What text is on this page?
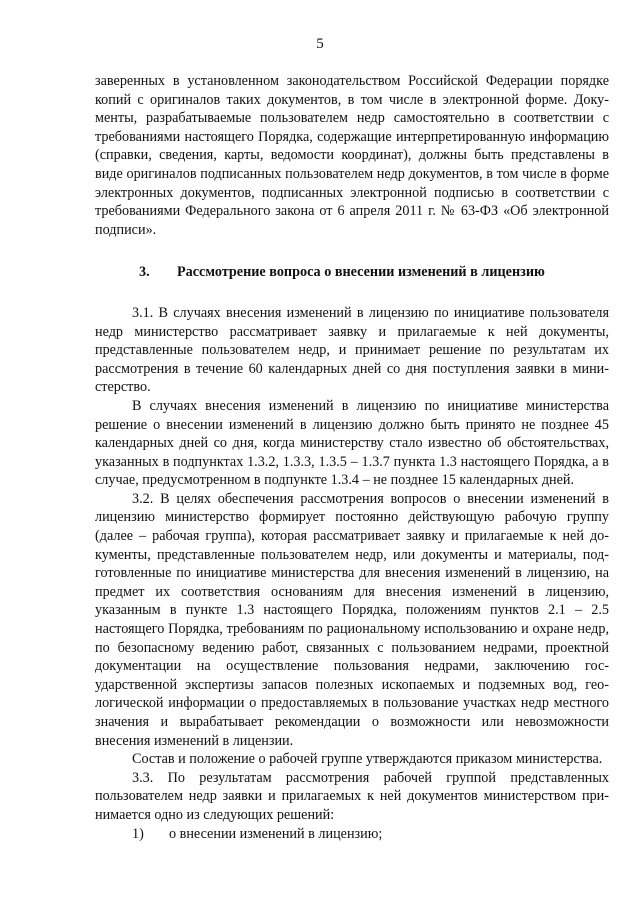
5

заверенных в установленном законодательством Российской Федерации порядке копий с оригиналов таких документов, в том числе в электронной форме. Документы, разрабатываемые пользователем недр самостоятельно в соответствии с требованиями настоящего Порядка, содержащие интерпретированную информацию (справки, сведения, карты, ведомости координат), должны быть представлены в виде оригиналов подписанных пользователем недр документов, в том числе в форме электронных документов, подписанных электронной подписью в соответствии с требованиями Федерального закона от 6 апреля 2011 г. № 63-ФЗ «Об электронной подписи».

3.	Рассмотрение вопроса о внесении изменений в лицензию

3.1. В случаях внесения изменений в лицензию по инициативе пользователя недр министерство рассматривает заявку и прилагаемые к ней документы, представленные пользователем недр, и принимает решение по результатам их рассмотрения в течение 60 календарных дней со дня поступления заявки в министерство.

В случаях внесения изменений в лицензию по инициативе министерства решение о внесении изменений в лицензию должно быть принято не позднее 45 календарных дней со дня, когда министерству стало известно об обстоятельствах, указанных в подпунктах 1.3.2, 1.3.3, 1.3.5 – 1.3.7 пункта 1.3 настоящего Порядка, а в случае, предусмотренном в подпункте 1.3.4 – не позднее 15 календарных дней.

3.2. В целях обеспечения рассмотрения вопросов о внесении изменений в лицензию министерство формирует постоянно действующую рабочую группу (далее – рабочая группа), которая рассматривает заявку и прилагаемые к ней документы, представленные пользователем недр, или документы и материалы, подготовленные по инициативе министерства для внесения изменений в лицензию, на предмет их соответствия основаниям для внесения изменений в лицензию, указанным в пункте 1.3 настоящего Порядка, положениям пунктов 2.1 – 2.5 настоящего Порядка, требованиям по рациональному использованию и охране недр, по безопасному ведению работ, связанных с пользованием недрами, проектной документации на осуществление пользования недрами, заключению государственной экспертизы запасов полезных ископаемых и подземных вод, геологической информации о предоставляемых в пользование участках недр местного значения и вырабатывает рекомендации о возможности или невозможности внесения изменений в лицензии.

Состав и положение о рабочей группе утверждаются приказом министерства.

3.3. По результатам рассмотрения рабочей группой представленных пользователем недр заявки и прилагаемых к ней документов министерством принимается одно из следующих решений:

1)	о внесении изменений в лицензию;
